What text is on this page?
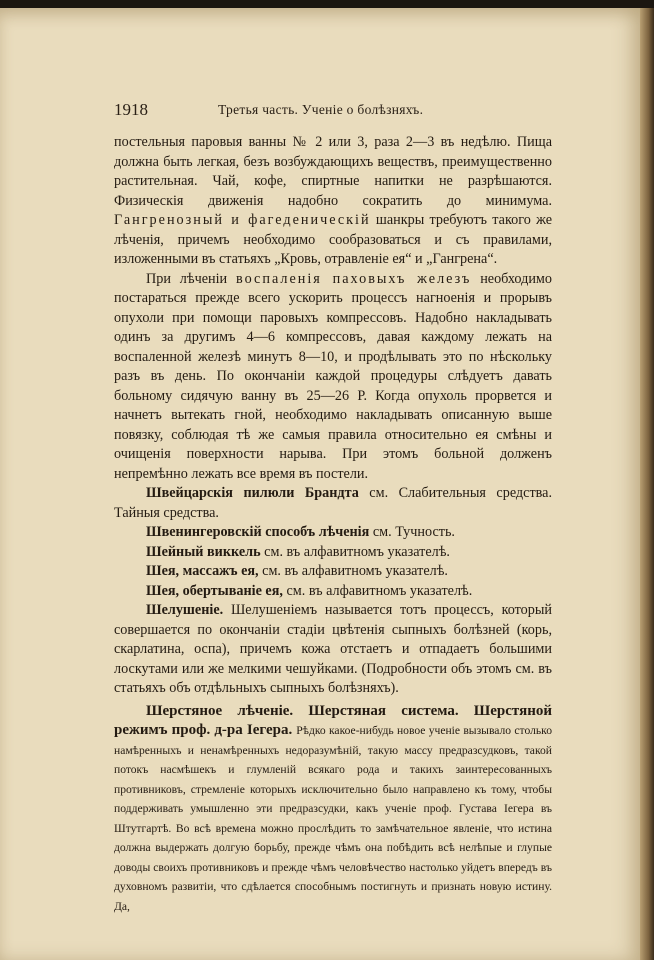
1918	Третья часть. Ученіе о болѣзняхъ.

постельныя паровыя ванны № 2 или 3, раза 2—3 въ недѣлю. Пища должна быть легкая, безъ возбуждающихъ веществъ, преимущественно растительная. Чай, кофе, спиртные напитки не разрѣшаются. Физическія движенія надобно сократить до минимума. Гангренозный и фагеденическій шанкры требуютъ такого же лѣченія, причемъ необходимо сообразоваться и съ правилами, изложенными въ статьяхъ „Кровь, отравленіе ея“ и „Гангрена“.

При лѣченіи воспаленія паховыхъ железъ необходимо постараться прежде всего ускорить процессъ нагноенія и прорывъ опухоли при помощи паровыхъ компрессовъ. Надобно накладывать одинъ за другимъ 4—6 компрессовъ, давая каждому лежать на воспаленной железѣ минутъ 8—10, и продѣлывать это по нѣскольку разъ въ день. По окончаніи каждой процедуры слѣдуетъ давать больному сидячую ванну въ 25—26 Р. Когда опухоль прорвется и начнетъ вытекать гной, необходимо накладывать описанную выше повязку, соблюдая тѣ же самыя правила относительно ея смѣны и очищенія поверхности нарыва. При этомъ больной долженъ непремѣнно лежать все время въ постели.

Швейцарскія пилюли Брандта см. Слабительныя средства. Тайныя средства.

Швенингеровскій способъ лѣченія см. Тучность.

Шейный виккель см. въ алфавитномъ указателѣ.

Шея, массажъ ея, см. въ алфавитномъ указателѣ.

Шея, обертываніе ея, см. въ алфавитномъ указателѣ.

Шелушеніе. Шелушеніемъ называется тотъ процессъ, который совершается по окончаніи стадіи цвѣтенія сыпныхъ болѣзней (корь, скарлатина, оспа), причемъ кожа отстаетъ и отпадаетъ большими лоскутами или же мелкими чешуйками. (Подробности объ этомъ см. въ статьяхъ объ отдѣльныхъ сыпныхъ болѣзняхъ).

Шерстяное лѣченіе. Шерстяная система. Шерстяной режимъ проф. д-ра Iегера. Рѣдко какое-нибудь новое ученіе вызывало столько намѣренныхъ и ненамѣренныхъ недоразумѣній, такую массу предразсудковъ, такой потокъ насмѣшекъ и глумленій всякаго рода и такихъ заинтересованныхъ противниковъ, стремленіе которыхъ исключительно было направлено къ тому, чтобы поддерживать умышленно эти предразсудки, какъ ученіе проф. Густава Iегера въ Штутгартѣ. Во всѣ времена можно прослѣдить то замѣчательное явленіе, что истина должна выдержать долгую борьбу, прежде чѣмъ она побѣдить всѣ нелѣпые и глупые доводы своихъ противниковъ и прежде чѣмъ человѣчество настолько уйдетъ впередъ въ духовномъ развитіи, что сдѣлается способнымъ постигнуть и признать новую истину. Да,
